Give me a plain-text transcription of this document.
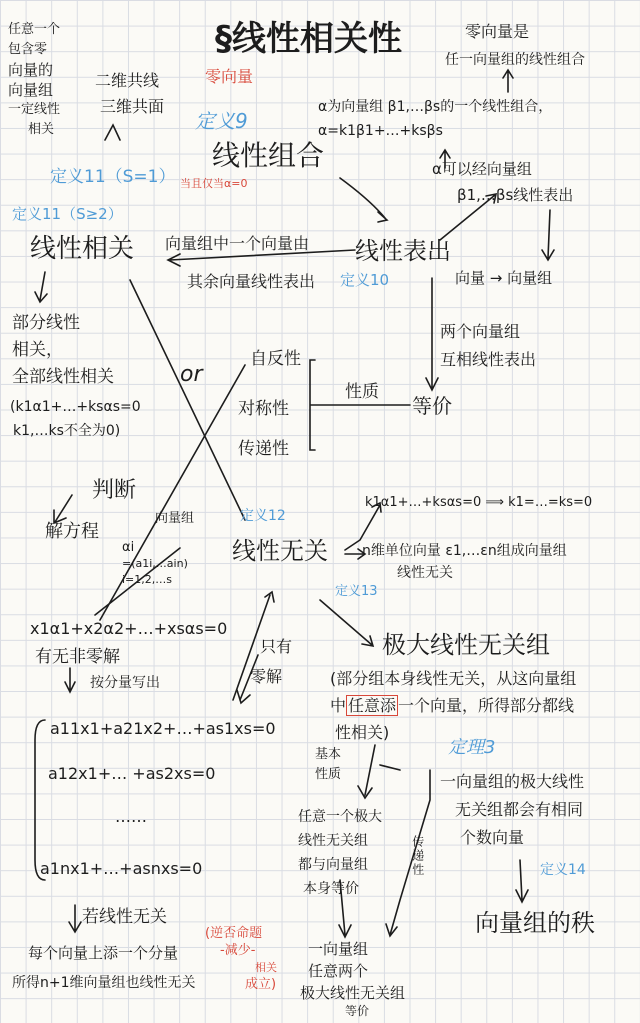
§线性相关性
任意一个
包含零
向量的
向量组
一定线性
相关
二维共线
三维共面
零向量
零向量是
任一向量组的线性组合
定义9
α为向量组 β1,…βs的一个线性组合，
α=k1β1+…+ksβs
线性组合
定义11（S=1） 当且仅当α=0
α可以经向量组
β1,…βs线性表出
定义11（S≥2）
线性相关 向量组中一个向量由
其余向量线性表出
线性表出
定义10	向量 → 向量组
部分线性
相关，
全部线性相关
两个向量组
互相线性表出
(k1α1+…+ksαs=0
k1,…ks不全为0)
or
自反性
对称性
传递性
性质
等价
判断
解方程
向量组
αi
=(a1i,…ain)
i=1,2,…s
定义12
线性无关
k1α1+…+ksαs=0 ⟹ k1=…=ks=0
n维单位向量 ε1,…εn组成向量组
线性无关
定义13
极大线性无关组
(部分组本身线性无关，从这向量组
中 任意添 一个向量，所得部分都线
性相关)
x1α1+x2α2+…+xsαs=0
有无非零解
按分量写出
只有
零解
基本
性质
定理3
一向量组的极大线性
无关组都会有相同
个数向量
任意一个极大
线性无关组
都与向量组
本身等价
传递性	定义14
向量组的秩
a11x1+a21x2+…+as1xs=0
a12x1+… +as2xs=0
……
a1nx1+…+asnxs=0
若线性无关
每个向量上添一个分量
所得n+1维向量组也线性无关
(逆否命题
-减少-
相关
成立)
一向量组
任意两个
极大线性无关组
等价
